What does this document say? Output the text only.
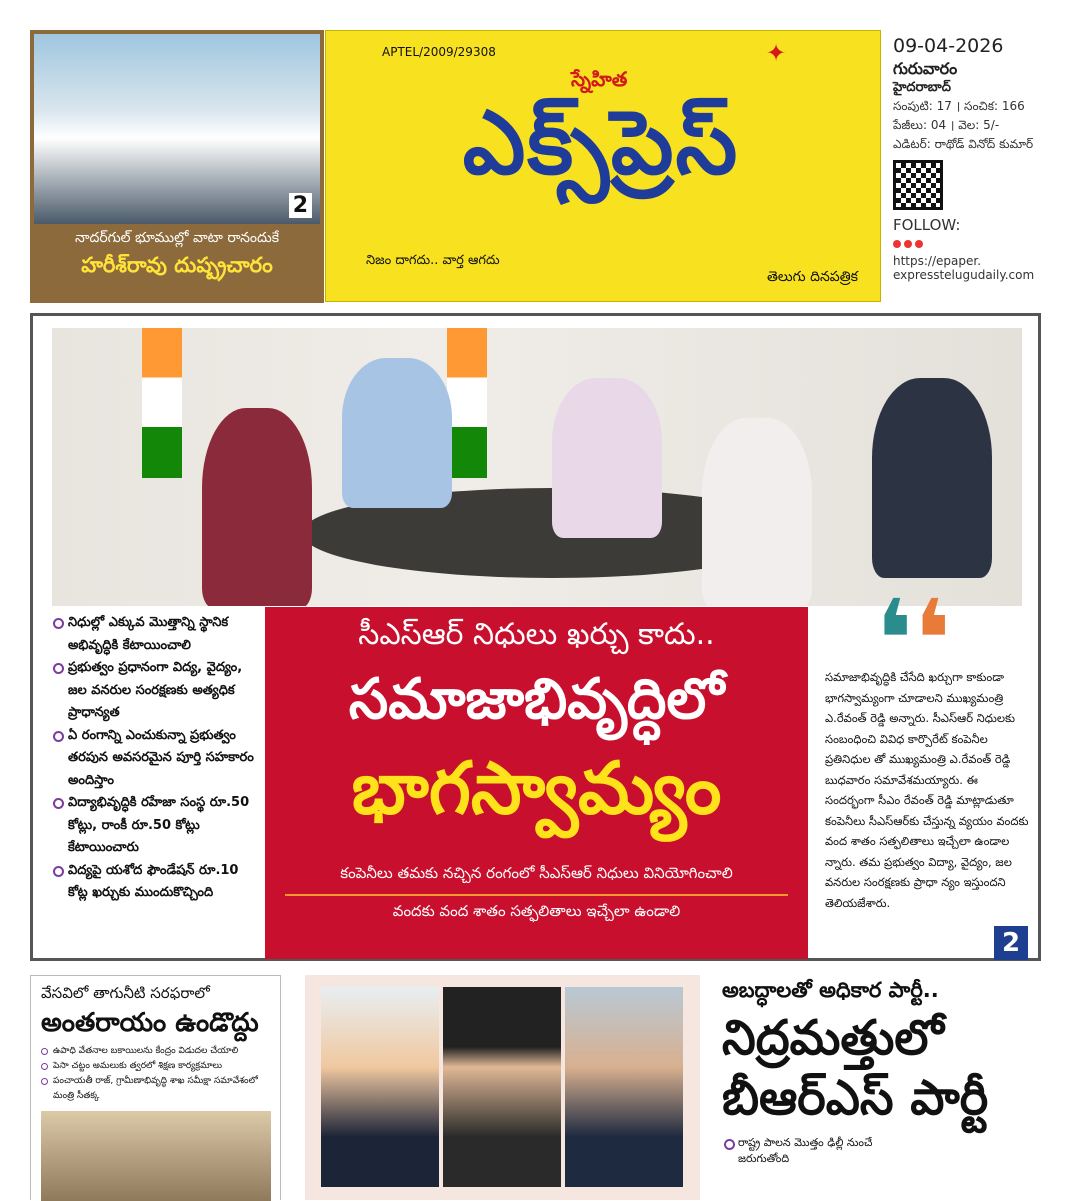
2
నాదర్‌గుల్ భూముల్లో వాటా రానందుకే
హరీశ్‌రావు దుష్ప్రచారం
APTEL/2009/29308	✦
స్నేహిత
ఎక్స్‌ప్రెస్
నిజం దాగదు.. వార్త ఆగదు
తెలుగు దినపత్రిక
09-04-2026
గురువారం
హైదరాబాద్
సంపుటి: 17 । సంచిక: 166
పేజీలు: 04 । వెల: 5/-
ఎడిటర్: రాథోడ్ వినోద్ కుమార్
FOLLOW:
https://epaper.
expresstelugudaily.com
నిధుల్లో ఎక్కువ మొత్తాన్ని స్థానిక అభివృద్ధికి కేటాయించాలి
ప్రభుత్వం ప్రధానంగా విద్య, వైద్యం, జల వనరుల సంరక్షణకు అత్యధిక ప్రాధాన్యత
ఏ రంగాన్ని ఎంచుకున్నా ప్రభుత్వం తరపున అవసరమైన పూర్తి సహకారం అందిస్తాం
విద్యాభివృద్ధికి రహేజా సంస్థ రూ.50 కోట్లు, రాంకీ రూ.50 కోట్లు కేటాయించారు
విద్యపై యశోద ఫౌండేషన్ రూ.10 కోట్ల ఖర్చుకు ముందుకొచ్చింది
సీఎస్ఆర్ నిధులు ఖర్చు కాదు..
సమాజాభివృద్ధిలో
భాగస్వామ్యం
కంపెనీలు తమకు నచ్చిన రంగంలో సీఎస్ఆర్ నిధులు వినియోగించాలి
వందకు వంద శాతం సత్ఫలితాలు ఇచ్చేలా ఉండాలి
❛❛
సమాజాభివృద్ధికి చేసేది ఖర్చుగా కాకుండా భాగస్వామ్యంగా చూడాలని ముఖ్యమంత్రి ఎ.రేవంత్ రెడ్డి అన్నారు. సీఎస్ఆర్ నిధులకు సంబంధించి వివిధ కార్పొరేట్ కంపెనీల ప్రతినిధుల తో ముఖ్యమంత్రి ఎ.రేవంత్ రెడ్డి బుధవారం సమావేశమయ్యారు. ఈ సందర్భంగా సీఎం రేవంత్ రెడ్డి మాట్లాడుతూ కంపెనీలు సీఎస్ఆర్‌కు చేస్తున్న వ్యయం వందకు వంద శాతం సత్ఫలితాలు ఇచ్చేలా ఉండాల న్నారు. తమ ప్రభుత్వం విద్యా, వైద్యం, జల వనరుల సంరక్షణకు ప్రాధా న్యం ఇస్తుందని తెలియజేశారు.
2
వేసవిలో తాగునీటి సరఫరాలో
అంతరాయం ఉండొద్దు
ఉపాధి వేతనాల బకాయిలను కేంద్రం విడుదల చేయాలి
పెసా చట్టం అమలుకు త్వరలో శిక్షణ కార్యక్రమాలు
పంచాయతీ రాజ్, గ్రామీణాభివృద్ధి శాఖ సమీక్షా సమావేశంలో మంత్రి సీతక్క
అబద్ధాలతో అధికార పార్టీ..
నిద్రమత్తులో
బీఆర్ఎస్ పార్టీ
రాష్ట్ర పాలన మొత్తం ఢిల్లీ నుంచే జరుగుతోంది
